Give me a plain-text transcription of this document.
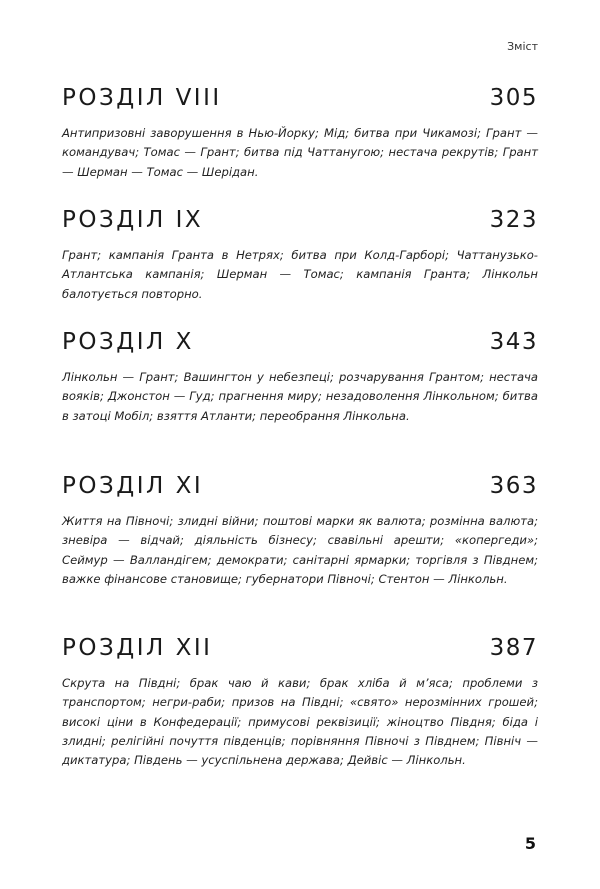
Зміст
РОЗДІЛ VIII	305

Антипризовні заворушення в Нью-Йорку; Мід; битва при Чикамозі; Грант — командувач; Томас — Грант; битва під Чаттанугою; нестача рекрутів; Грант — Шерман — Томас — Шерідан.

РОЗДІЛ IX	323

Грант; кампанія Гранта в Нетрях; битва при Колд-Гарборі; Чаттанузько-Атлантська кампанія; Шерман — Томас; кампанія Гранта; Лінкольн балотується повторно.

РОЗДІЛ X	343

Лінкольн — Грант; Вашингтон у небезпеці; розчарування Грантом; нестача вояків; Джонстон — Гуд; прагнення миру; незадоволення Лінкольном; битва в затоці Мобіл; взяття Атланти; переобрання Лінкольна.

РОЗДІЛ XI	363

Життя на Півночі; злидні війни; поштові марки як валюта; розмінна валюта; зневіра — відчай; діяльність бізнесу; свавільні арешти; «копергеди»; Сеймур — Валландігем; демократи; санітарні ярмарки; торгівля з Півднем; важке фінансове становище; губернатори Півночі; Стентон — Лінкольн.

РОЗДІЛ XII	387

Скрута на Півдні; брак чаю й кави; брак хліба й м’яса; проблеми з транспортом; негри-раби; призов на Півдні; «свято» нерозмінних грошей; високі ціни в Конфедерації; примусові реквізиції; жіноцтво Півдня; біда і злидні; релігійні почуття південців; порівняння Півночі з Півднем; Північ — диктатура; Південь — усуспільнена держава; Дейвіс — Лінкольн.

5
